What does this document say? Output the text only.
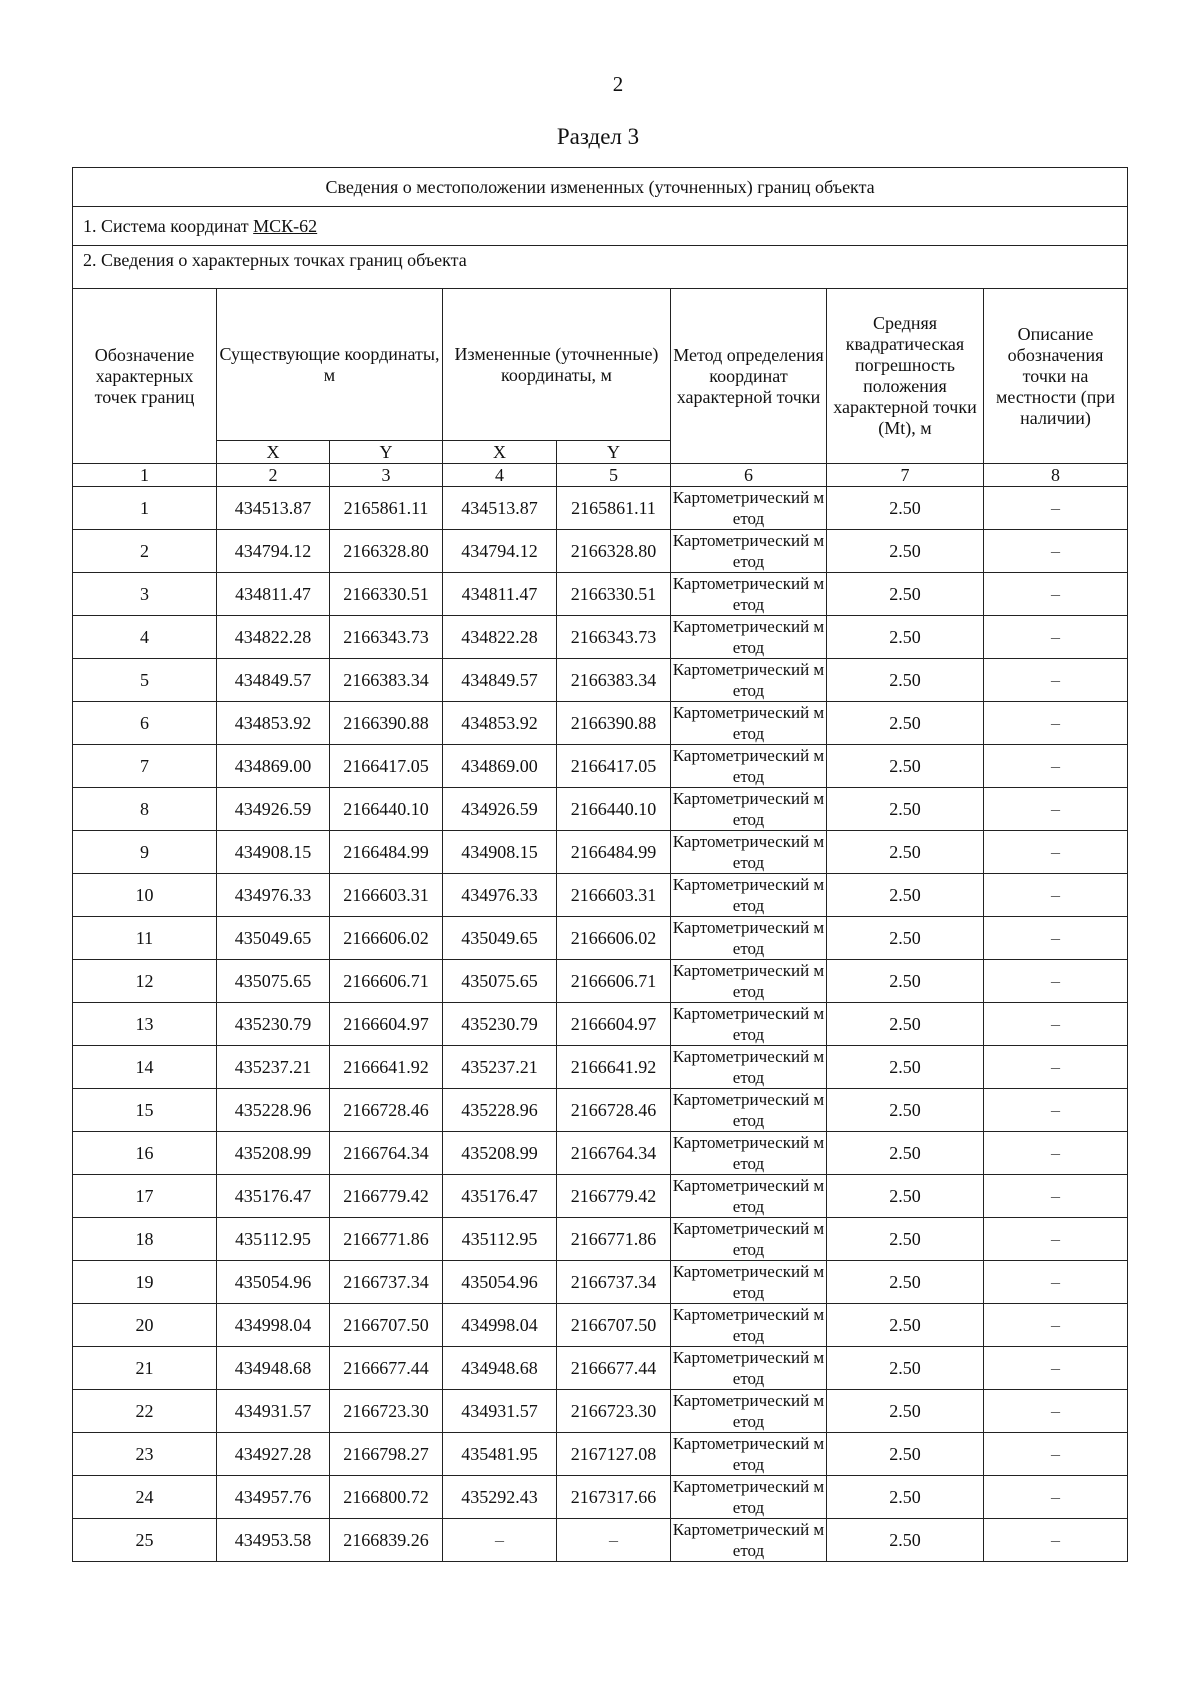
2
Раздел 3
Сведения о местоположении измененных (уточненных) границ объекта							
1. Система координат МСК-62							
2. Сведения о характерных точках границ объекта							
Обозначение характерных точек границ	Существующие координаты, м		Измененные (уточненные) координаты, м		Метод определения координат характерной точки	Средняя квадратическая погрешность положения характерной точки (Mt), м	Описание обозначения точки на местности (при наличии)
	X	Y	X	Y			
1	2	3	4	5	6	7	8
1	434513.87	2165861.11	434513.87	2165861.11	Картометрический метод	2.50	–
2	434794.12	2166328.80	434794.12	2166328.80	Картометрический метод	2.50	–
3	434811.47	2166330.51	434811.47	2166330.51	Картометрический метод	2.50	–
4	434822.28	2166343.73	434822.28	2166343.73	Картометрический метод	2.50	–
5	434849.57	2166383.34	434849.57	2166383.34	Картометрический метод	2.50	–
6	434853.92	2166390.88	434853.92	2166390.88	Картометрический метод	2.50	–
7	434869.00	2166417.05	434869.00	2166417.05	Картометрический метод	2.50	–
8	434926.59	2166440.10	434926.59	2166440.10	Картометрический метод	2.50	–
9	434908.15	2166484.99	434908.15	2166484.99	Картометрический метод	2.50	–
10	434976.33	2166603.31	434976.33	2166603.31	Картометрический метод	2.50	–
11	435049.65	2166606.02	435049.65	2166606.02	Картометрический метод	2.50	–
12	435075.65	2166606.71	435075.65	2166606.71	Картометрический метод	2.50	–
13	435230.79	2166604.97	435230.79	2166604.97	Картометрический метод	2.50	–
14	435237.21	2166641.92	435237.21	2166641.92	Картометрический метод	2.50	–
15	435228.96	2166728.46	435228.96	2166728.46	Картометрический метод	2.50	–
16	435208.99	2166764.34	435208.99	2166764.34	Картометрический метод	2.50	–
17	435176.47	2166779.42	435176.47	2166779.42	Картометрический метод	2.50	–
18	435112.95	2166771.86	435112.95	2166771.86	Картометрический метод	2.50	–
19	435054.96	2166737.34	435054.96	2166737.34	Картометрический метод	2.50	–
20	434998.04	2166707.50	434998.04	2166707.50	Картометрический метод	2.50	–
21	434948.68	2166677.44	434948.68	2166677.44	Картометрический метод	2.50	–
22	434931.57	2166723.30	434931.57	2166723.30	Картометрический метод	2.50	–
23	434927.28	2166798.27	435481.95	2167127.08	Картометрический метод	2.50	–
24	434957.76	2166800.72	435292.43	2167317.66	Картометрический метод	2.50	–
25	434953.58	2166839.26	–	–	Картометрический метод	2.50	–
